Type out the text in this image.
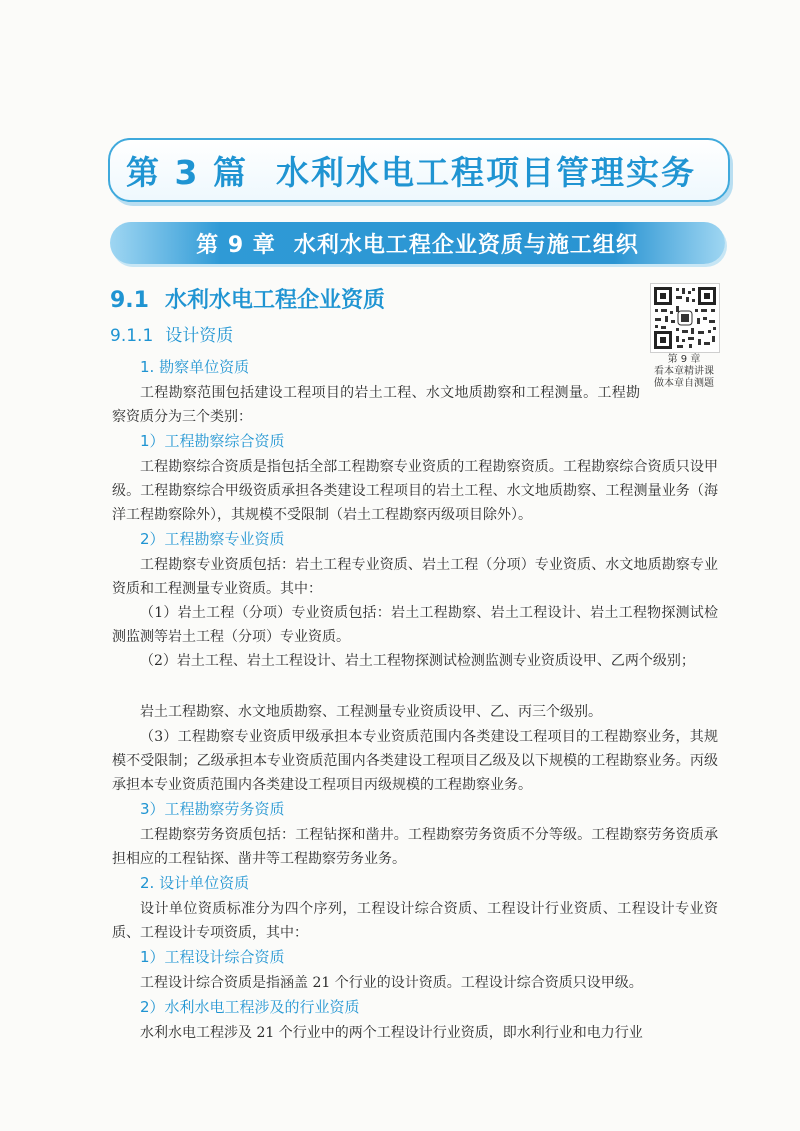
第 3 篇 水利水电工程项目管理实务
第 9 章 水利水电工程企业资质与施工组织
9.1 水利水电工程企业资质
9.1.1 设计资质
第 9 章
看本章精讲课
做本章自测题
1. 勘察单位资质

工程勘察范围包括建设工程项目的岩土工程、水文地质勘察和工程测量。工程勘察资质分为三个类别：

1）工程勘察综合资质

工程勘察综合资质是指包括全部工程勘察专业资质的工程勘察资质。工程勘察综合资质只设甲级。工程勘察综合甲级资质承担各类建设工程项目的岩土工程、水文地质勘察、工程测量业务（海洋工程勘察除外），其规模不受限制（岩土工程勘察丙级项目除外）。

2）工程勘察专业资质

工程勘察专业资质包括：岩土工程专业资质、岩土工程（分项）专业资质、水文地质勘察专业资质和工程测量专业资质。其中：

（1）岩土工程（分项）专业资质包括：岩土工程勘察、岩土工程设计、岩土工程物探测试检测监测等岩土工程（分项）专业资质。

（2）岩土工程、岩土工程设计、岩土工程物探测试检测监测专业资质设甲、乙两个级别；

岩土工程勘察、水文地质勘察、工程测量专业资质设甲、乙、丙三个级别。

（3）工程勘察专业资质甲级承担本专业资质范围内各类建设工程项目的工程勘察业务，其规模不受限制；乙级承担本专业资质范围内各类建设工程项目乙级及以下规模的工程勘察业务。丙级承担本专业资质范围内各类建设工程项目丙级规模的工程勘察业务。

3）工程勘察劳务资质

工程勘察劳务资质包括：工程钻探和凿井。工程勘察劳务资质不分等级。工程勘察劳务资质承担相应的工程钻探、凿井等工程勘察劳务业务。

2. 设计单位资质

设计单位资质标准分为四个序列，工程设计综合资质、工程设计行业资质、工程设计专业资质、工程设计专项资质，其中：

1）工程设计综合资质

工程设计综合资质是指涵盖 21 个行业的设计资质。工程设计综合资质只设甲级。

2）水利水电工程涉及的行业资质

水利水电工程涉及 21 个行业中的两个工程设计行业资质，即水利行业和电力行业
